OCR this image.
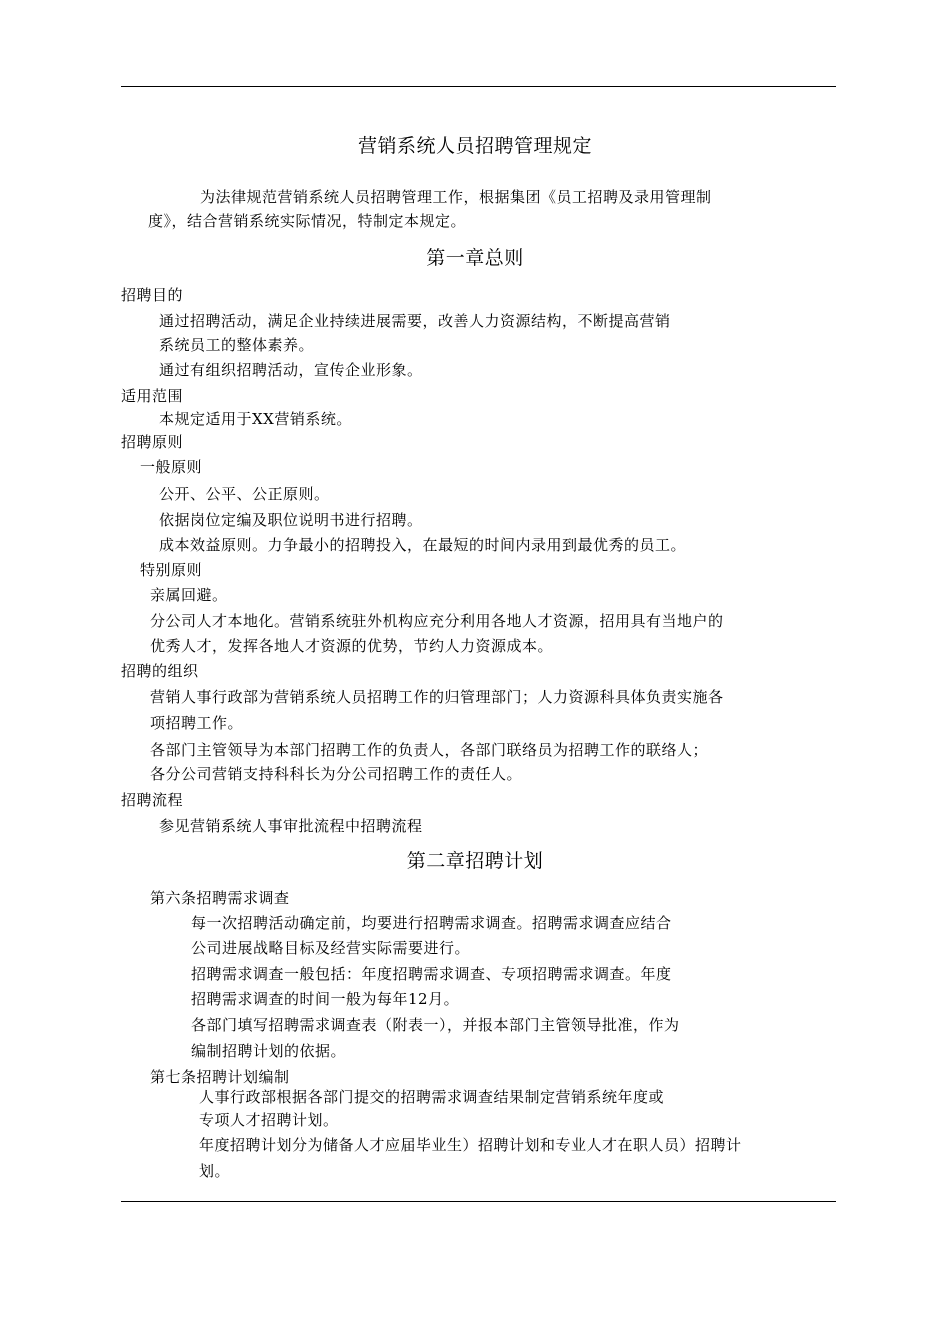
营销系统人员招聘管理规定
为法律规范营销系统人员招聘管理工作，根据集团《员工招聘及录用管理制
度》，结合营销系统实际情况，特制定本规定。
第一章总则
招聘目的
通过招聘活动，满足企业持续进展需要，改善人力资源结构，不断提高营销
系统员工的整体素养。
通过有组织招聘活动，宣传企业形象。
适用范围
本规定适用于XX营销系统。
招聘原则
一般原则
公开、公平、公正原则。
依据岗位定编及职位说明书进行招聘。
成本效益原则。力争最小的招聘投入，在最短的时间内录用到最优秀的员工。
特别原则
亲属回避。
分公司人才本地化。营销系统驻外机构应充分利用各地人才资源，招用具有当地户的
优秀人才，发挥各地人才资源的优势，节约人力资源成本。
招聘的组织
营销人事行政部为营销系统人员招聘工作的归管理部门；人力资源科具体负责实施各
项招聘工作。
各部门主管领导为本部门招聘工作的负责人，各部门联络员为招聘工作的联络人；
各分公司营销支持科科长为分公司招聘工作的责任人。
招聘流程
参见营销系统人事审批流程中招聘流程
第二章招聘计划
第六条招聘需求调查
每一次招聘活动确定前，均要进行招聘需求调查。招聘需求调查应结合
公司进展战略目标及经营实际需要进行。
招聘需求调查一般包括：年度招聘需求调查、专项招聘需求调查。年度
招聘需求调查的时间一般为每年12月。
各部门填写招聘需求调查表（附表一），并报本部门主管领导批准，作为
编制招聘计划的依据。
第七条招聘计划编制
人事行政部根据各部门提交的招聘需求调查结果制定营销系统年度或
专项人才招聘计划。
年度招聘计划分为储备人才应届毕业生）招聘计划和专业人才在职人员）招聘计
划。
